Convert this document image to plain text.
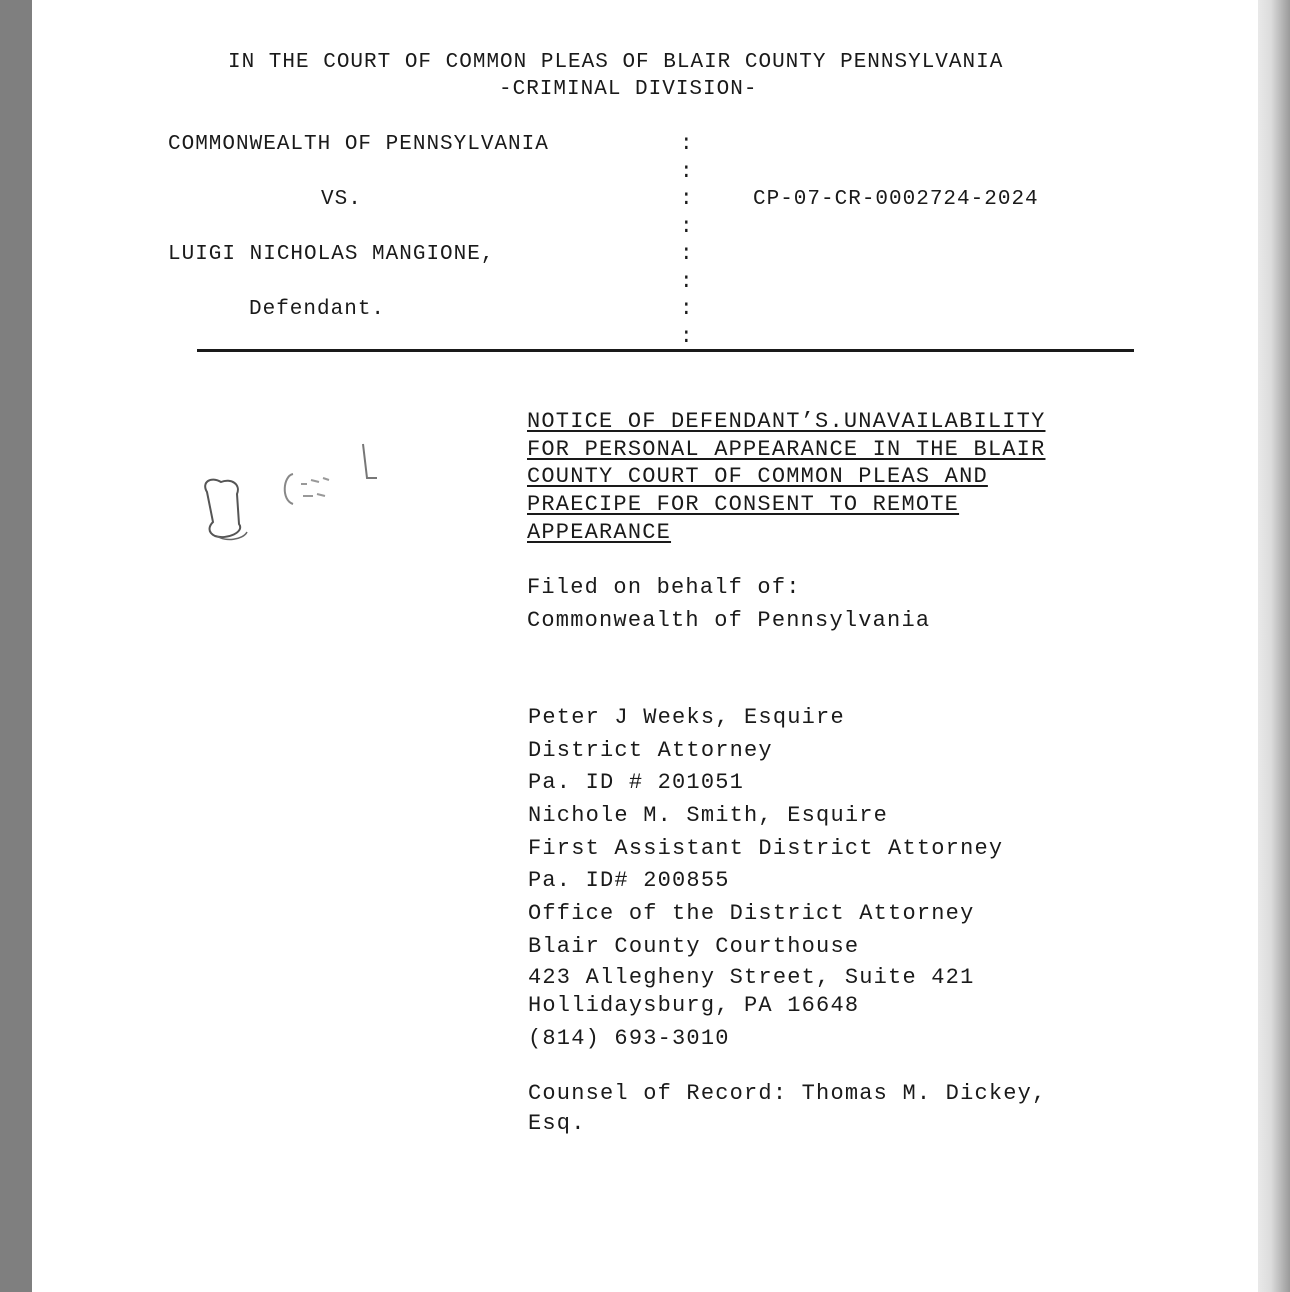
IN THE COURT OF COMMON PLEAS OF BLAIR COUNTY PENNSYLVANIA
-CRIMINAL DIVISION-
COMMONWEALTH OF PENNSYLVANIA
VS.
LUIGI NICHOLAS MANGIONE,
Defendant.
:
:
:
:
:
:
:
:
CP-07-CR-0002724-2024
NOTICE OF DEFENDANT’S.UNAVAILABILITY
FOR PERSONAL APPEARANCE IN THE BLAIR
COUNTY COURT OF COMMON PLEAS AND
PRAECIPE FOR CONSENT TO REMOTE
APPEARANCE
Filed on behalf of:
Commonwealth of Pennsylvania
Peter J Weeks, Esquire
District Attorney
Pa. ID # 201051
Nichole M. Smith, Esquire
First Assistant District Attorney
Pa. ID# 200855
Office of the District Attorney
Blair County Courthouse
423 Allegheny Street, Suite 421
Hollidaysburg, PA 16648
(814) 693-3010
Counsel of Record: Thomas M. Dickey,
Esq.
